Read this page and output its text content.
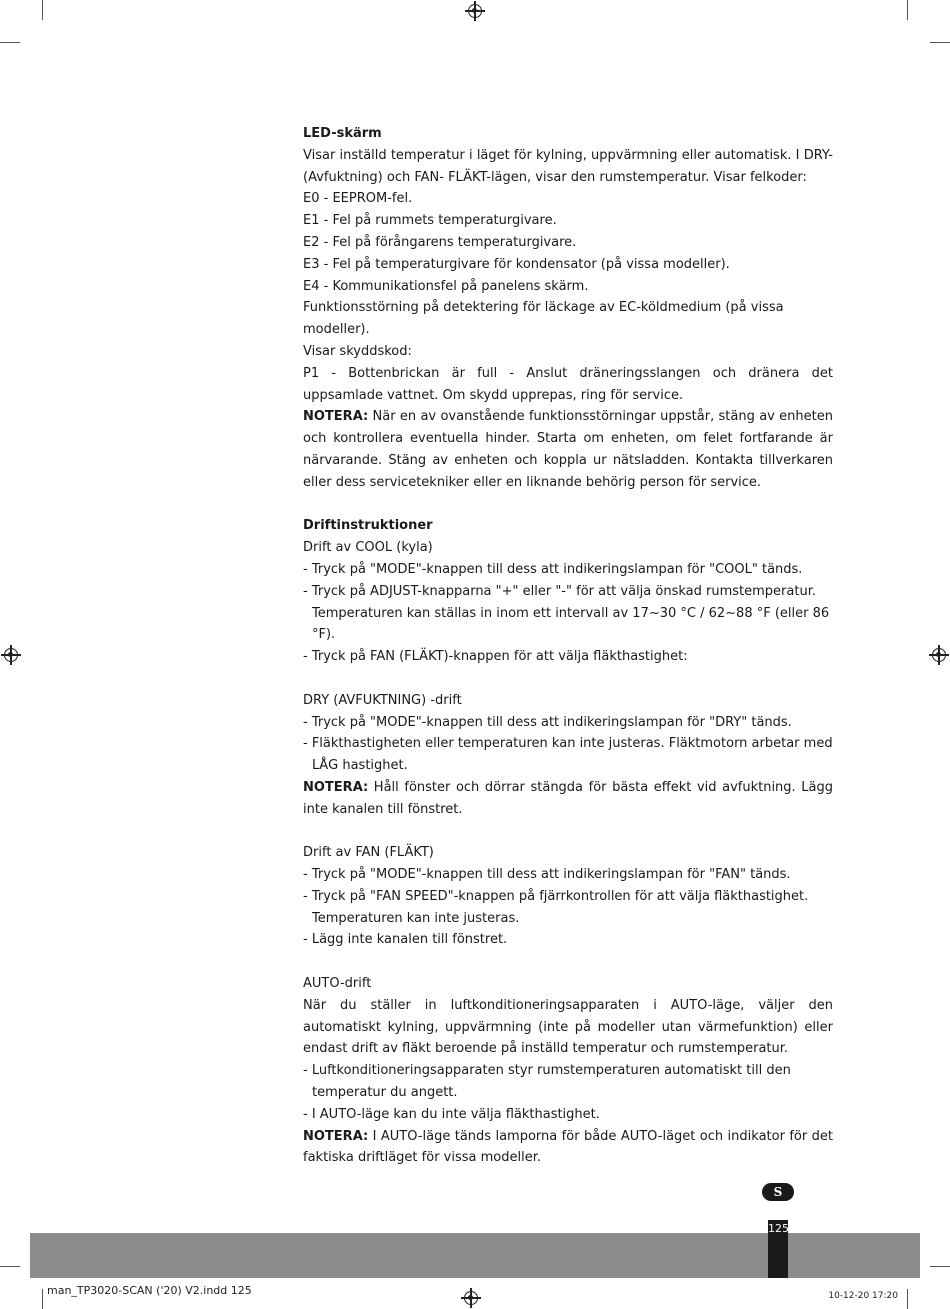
LED-skärm

Visar inställd temperatur i läget för kylning, uppvärmning eller automatisk. I DRY-(Avfuktning) och FAN- FLÄKT-lägen, visar den rumstemperatur. Visar felkoder:

E0 - EEPROM-fel.

E1 - Fel på rummets temperaturgivare.

E2 - Fel på förångarens temperaturgivare.

E3 - Fel på temperaturgivare för kondensator (på vissa modeller).

E4 - Kommunikationsfel på panelens skärm.

Funktionsstörning på detektering för läckage av EC-köldmedium (på vissa modeller).

Visar skyddskod:

P1 - Bottenbrickan är full - Anslut dräneringsslangen och dränera det uppsamlade vattnet. Om skydd upprepas, ring för service.

NOTERA: När en av ovanstående funktionsstörningar uppstår, stäng av enheten och kontrollera eventuella hinder. Starta om enheten, om felet fortfarande är närvarande. Stäng av enheten och koppla ur nätsladden. Kontakta tillverkaren eller dess servicetekniker eller en liknande behörig person för service.

Driftinstruktioner

Drift av COOL (kyla)

- Tryck på "MODE"-knappen till dess att indikeringslampan för "COOL" tänds.

- Tryck på ADJUST-knapparna "+" eller "-" för att välja önskad rumstemperatur.

Temperaturen kan ställas in inom ett intervall av 17~30 °C / 62~88 °F (eller 86 °F).

- Tryck på FAN (FLÄKT)-knappen för att välja fläkthastighet:

DRY (AVFUKTNING) -drift

- Tryck på "MODE"-knappen till dess att indikeringslampan för "DRY" tänds.

- Fläkthastigheten eller temperaturen kan inte justeras. Fläktmotorn arbetar med

LÅG hastighet.

NOTERA: Håll fönster och dörrar stängda för bästa effekt vid avfuktning. Lägg inte kanalen till fönstret.

Drift av FAN (FLÄKT)

- Tryck på "MODE"-knappen till dess att indikeringslampan för "FAN" tänds.

- Tryck på "FAN SPEED"-knappen på fjärrkontrollen för att välja fläkthastighet.

Temperaturen kan inte justeras.

- Lägg inte kanalen till fönstret.

AUTO-drift

När du ställer in luftkonditioneringsapparaten i AUTO-läge, väljer den automatiskt kylning, uppvärmning (inte på modeller utan värmefunktion) eller endast drift av fläkt beroende på inställd temperatur och rumstemperatur.

- Luftkonditioneringsapparaten styr rumstemperaturen automatiskt till den

temperatur du angett.

- I AUTO-läge kan du inte välja fläkthastighet.

NOTERA: I AUTO-läge tänds lamporna för både AUTO-läget och indikator för det faktiska driftläget för vissa modeller.

S
125
man_TP3020-SCAN ('20) V2.indd 125	10-12-20 17:20
